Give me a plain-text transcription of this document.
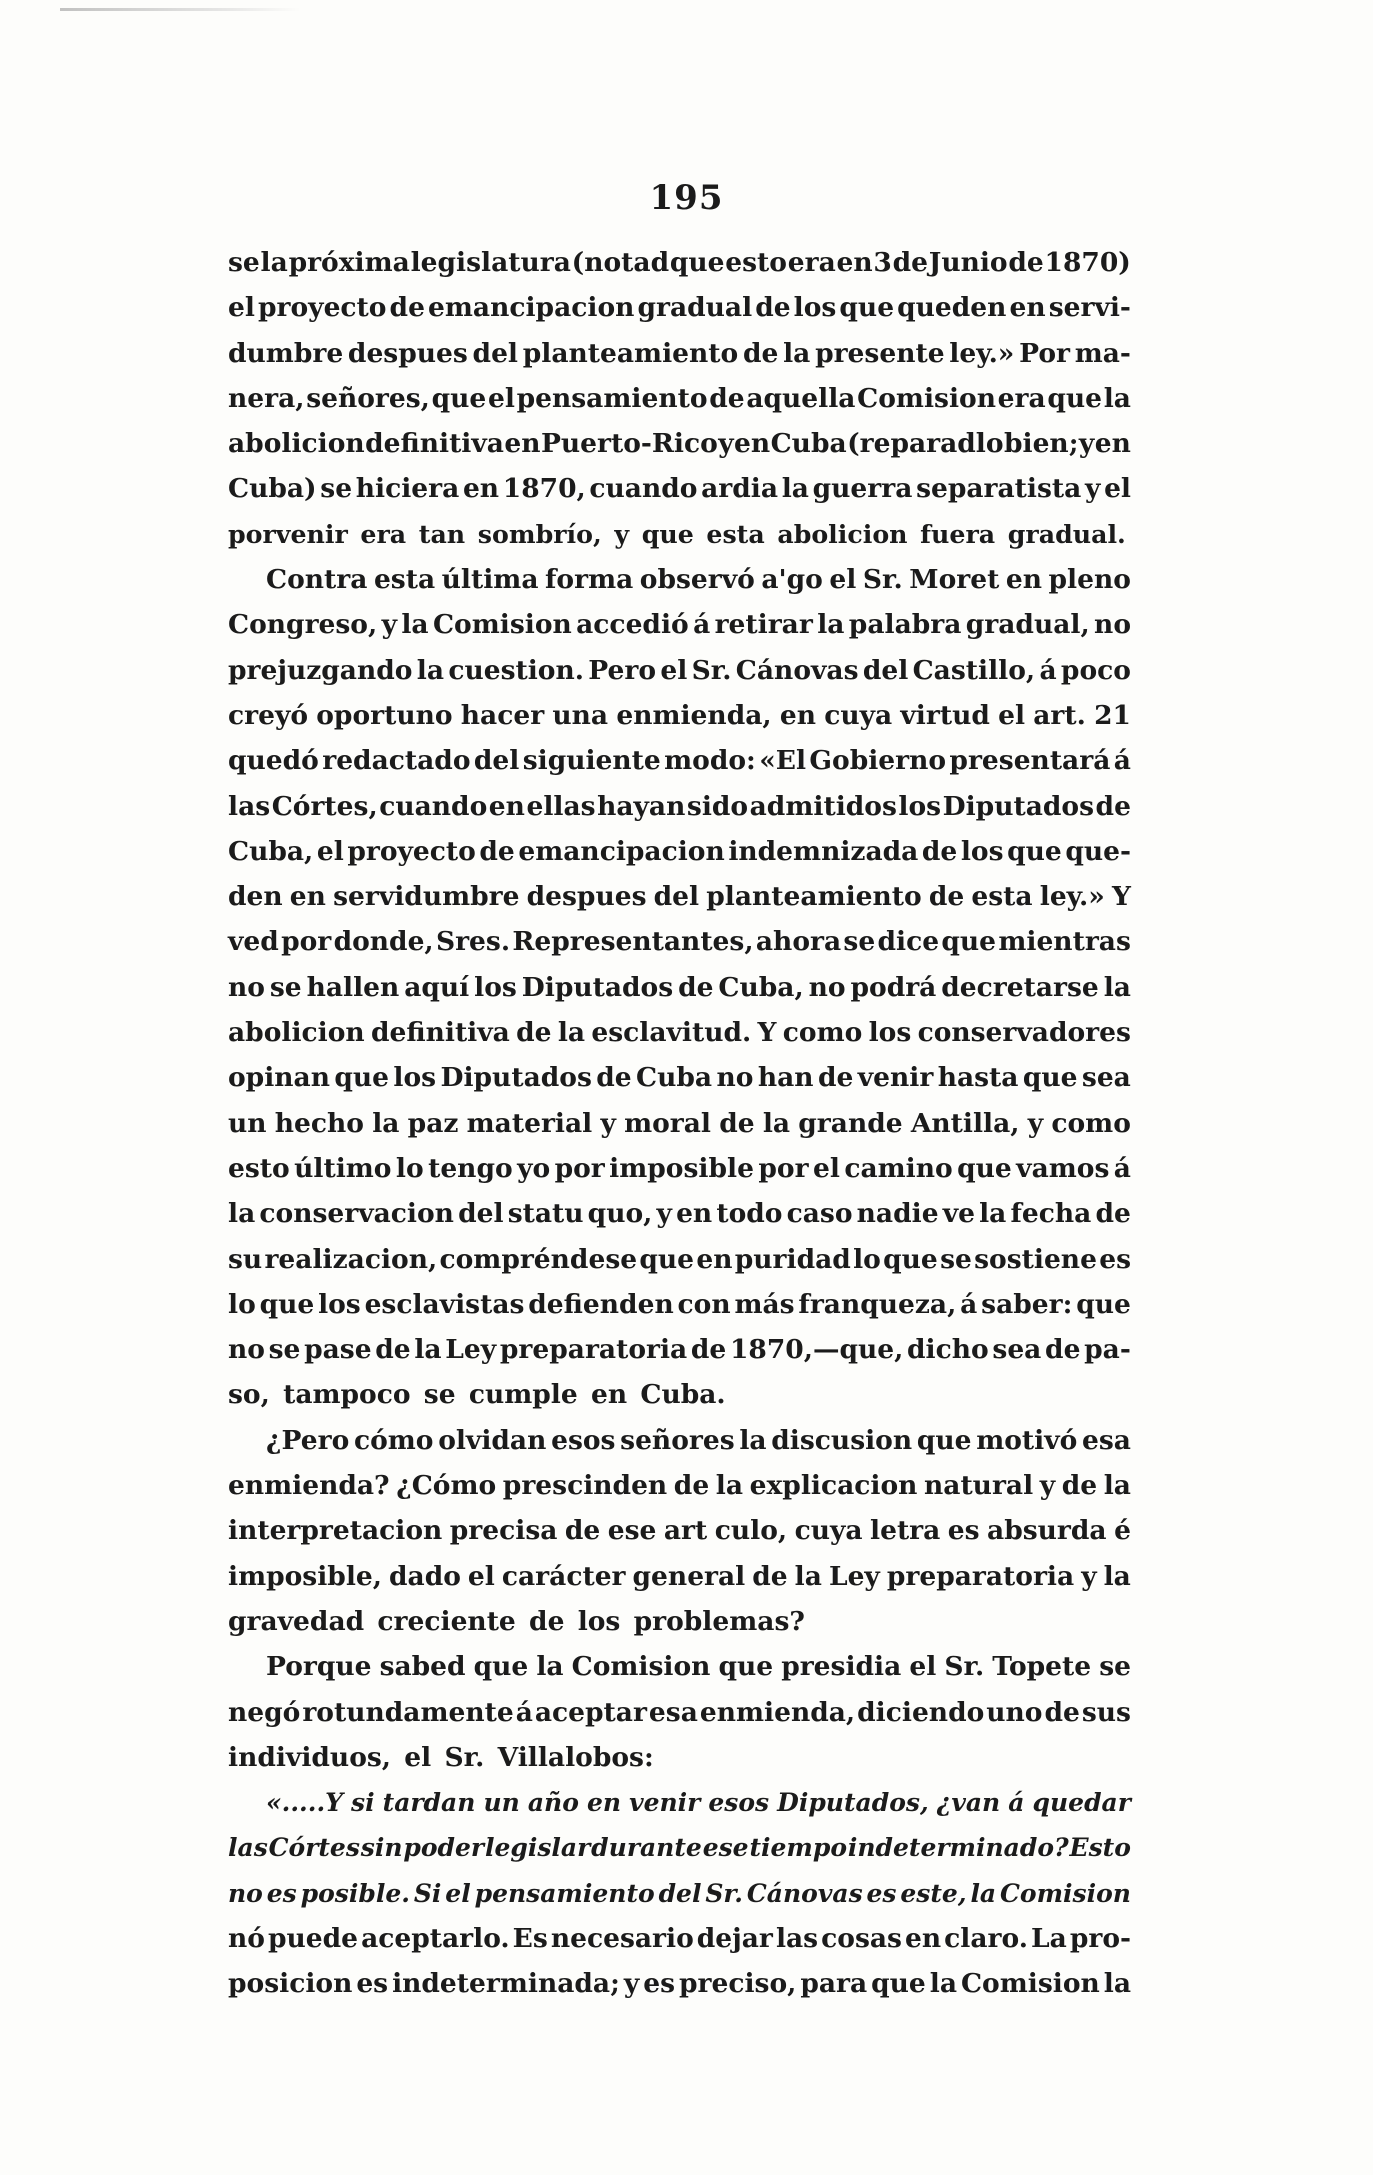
195
se la próxima legislatura (notad que esto era en 3 de Junio de 1870)
el proyecto de emancipacion gradual de los que queden en servi-
dumbre despues del planteamiento de la presente ley.» Por ma-
nera, señores, que el pensamiento de aquella Comision era que la
abolicion definitiva en Puerto-Rico y en Cuba (reparadlo bien; y en
Cuba) se hiciera en 1870, cuando ardia la guerra separatista y el
porvenir era tan sombrío, y que esta abolicion fuera gradual.
Contra esta última forma observó a'go el Sr. Moret en pleno
Congreso, y la Comision accedió á retirar la palabra gradual, no
prejuzgando la cuestion. Pero el Sr. Cánovas del Castillo, á poco
creyó oportuno hacer una enmienda, en cuya virtud el art. 21
quedó redactado del siguiente modo: «El Gobierno presentará á
las Córtes, cuando en ellas hayan sido admitidos los Diputados de
Cuba, el proyecto de emancipacion indemnizada de los que que-
den en servidumbre despues del planteamiento de esta ley.» Y
ved por donde, Sres. Representantes, ahora se dice que mientras
no se hallen aquí los Diputados de Cuba, no podrá decretarse la
abolicion definitiva de la esclavitud. Y como los conservadores
opinan que los Diputados de Cuba no han de venir hasta que sea
un hecho la paz material y moral de la grande Antilla, y como
esto último lo tengo yo por imposible por el camino que vamos á
la conservacion del statu quo, y en todo caso nadie ve la fecha de
su realizacion, compréndese que en puridad lo que se sostiene es
lo que los esclavistas defienden con más franqueza, á saber: que
no se pase de la Ley preparatoria de 1870,—que, dicho sea de pa-
so, tampoco se cumple en Cuba.
¿Pero cómo olvidan esos señores la discusion que motivó esa
enmienda? ¿Cómo prescinden de la explicacion natural y de la
interpretacion precisa de ese art culo, cuya letra es absurda é
imposible, dado el carácter general de la Ley preparatoria y la
gravedad creciente de los problemas?
Porque sabed que la Comision que presidia el Sr. Topete se
negó rotundamente á aceptar esa enmienda, diciendo uno de sus
individuos, el Sr. Villalobos:
«.....Y si tardan un año en venir esos Diputados, ¿van á quedar
las Córtes sin poder legislar durante ese tiempo indeterminado? Esto
no es posible. Si el pensamiento del Sr. Cánovas es este, la Comision
nó puede aceptarlo. Es necesario dejar las cosas en claro. La pro-
posicion es indeterminada; y es preciso, para que la Comision la
